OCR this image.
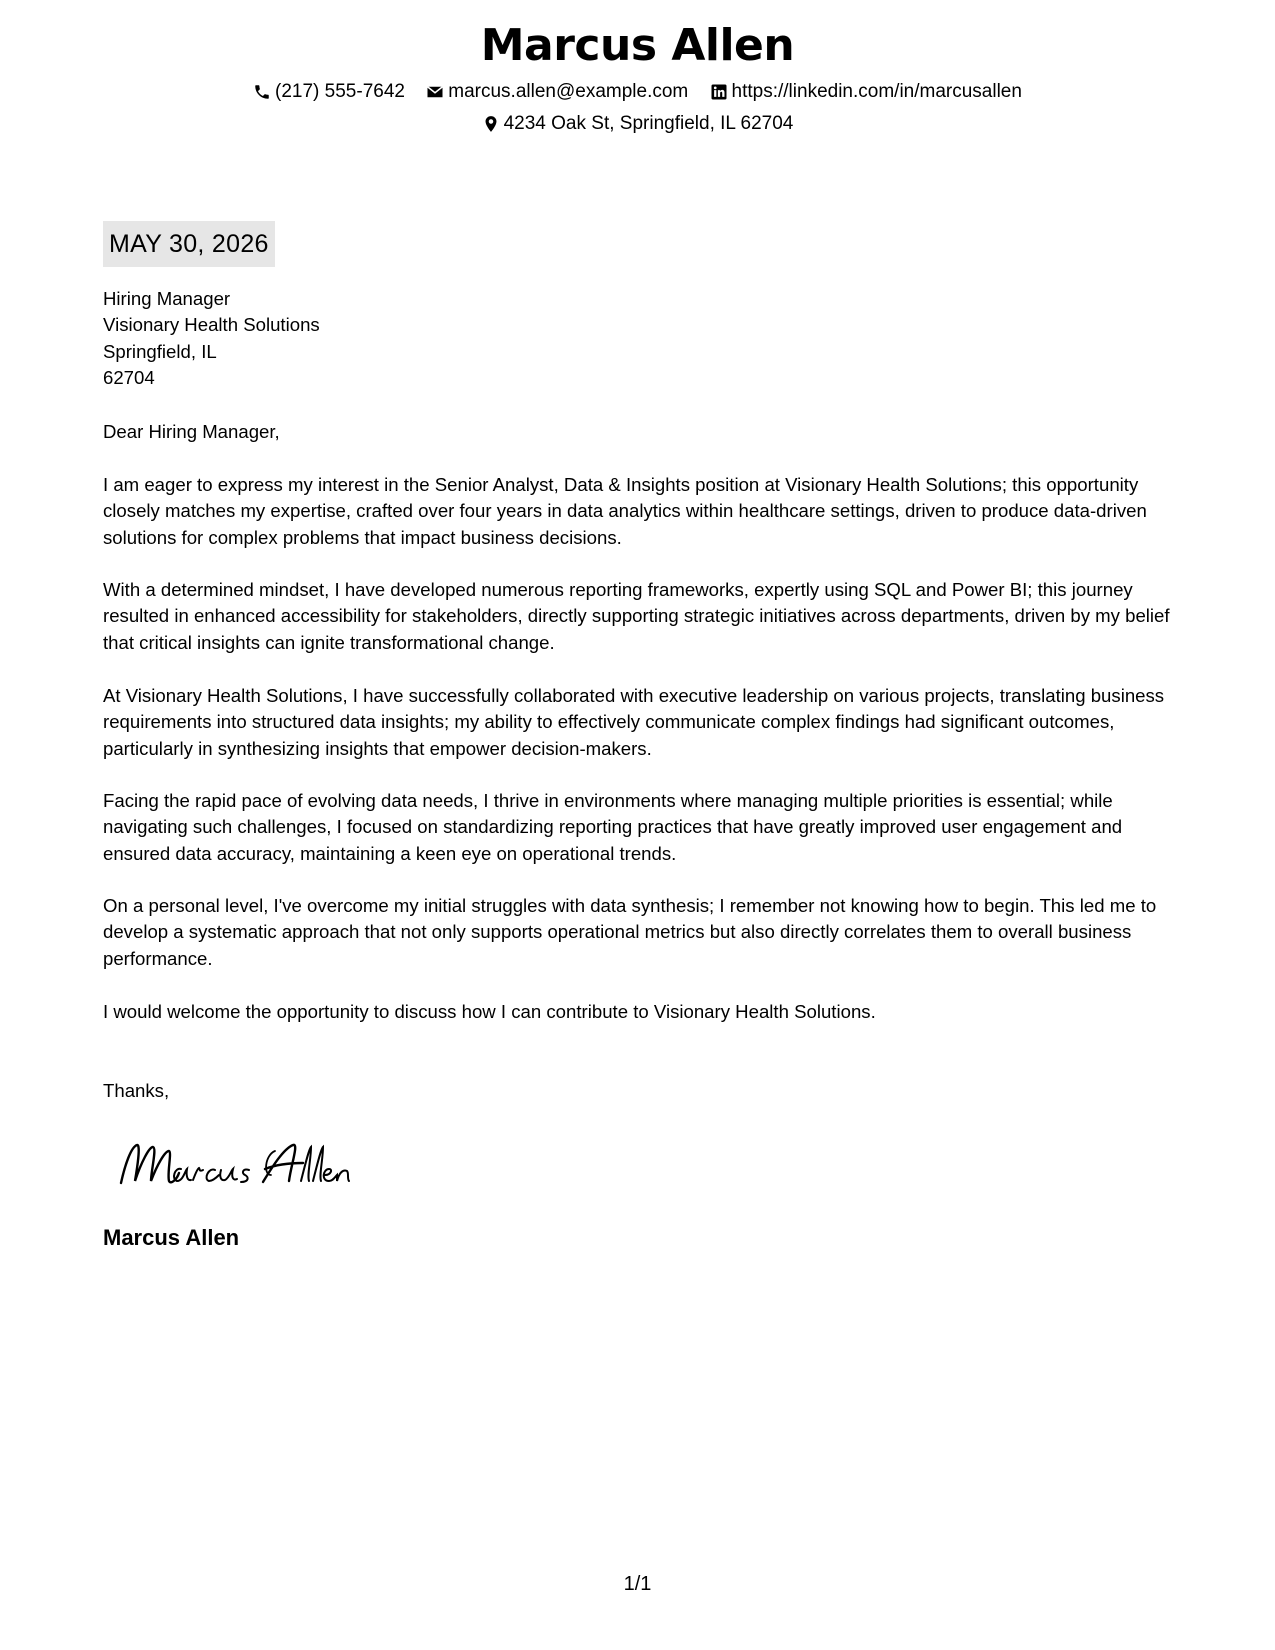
Marcus Allen
(217) 555-7642
marcus.allen@example.com
https://linkedin.com/in/marcusallen
4234 Oak St, Springfield, IL 62704
MAY 30, 2026
Hiring Manager
Visionary Health Solutions
Springfield, IL
62704
Dear Hiring Manager,

I am eager to express my interest in the Senior Analyst, Data & Insights position at Visionary Health Solutions; this opportunity closely matches my expertise, crafted over four years in data analytics within healthcare settings, driven to produce data-driven solutions for complex problems that impact business decisions.

With a determined mindset, I have developed numerous reporting frameworks, expertly using SQL and Power BI; this journey resulted in enhanced accessibility for stakeholders, directly supporting strategic initiatives across departments, driven by my belief that critical insights can ignite transformational change.

At Visionary Health Solutions, I have successfully collaborated with executive leadership on various projects, translating business requirements into structured data insights; my ability to effectively communicate complex findings had significant outcomes, particularly in synthesizing insights that empower decision-makers.

Facing the rapid pace of evolving data needs, I thrive in environments where managing multiple priorities is essential; while navigating such challenges, I focused on standardizing reporting practices that have greatly improved user engagement and ensured data accuracy, maintaining a keen eye on operational trends.

On a personal level, I've overcome my initial struggles with data synthesis; I remember not knowing how to begin. This led me to develop a systematic approach that not only supports operational metrics but also directly correlates them to overall business performance.

I would welcome the opportunity to discuss how I can contribute to Visionary Health Solutions.

Thanks,
Marcus Allen
1/1
